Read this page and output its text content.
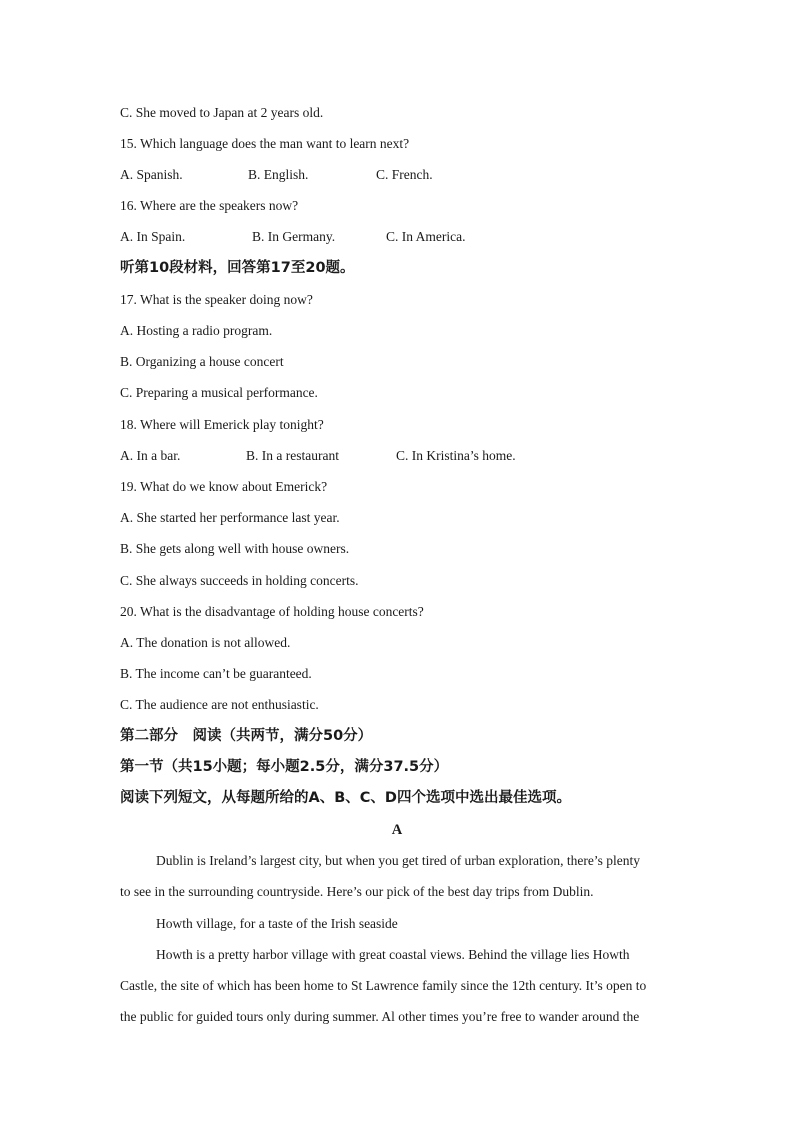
C. She moved to Japan at 2 years old.
15. Which language does the man want to learn next?
A. Spanish.	B. English.	C. French.
16. Where are the speakers now?
A. In Spain.	B. In Germany.	C. In America.
听第10段材料，回答第17至20题。
17. What is the speaker doing now?
A. Hosting a radio program.
B. Organizing a house concert
C. Preparing a musical performance.
18. Where will Emerick play tonight?
A. In a bar.	B. In a restaurant	C. In Kristina’s home.
19. What do we know about Emerick?
A. She started her performance last year.
B. She gets along well with house owners.
C. She always succeeds in holding concerts.
20. What is the disadvantage of holding house concerts?
A. The donation is not allowed.
B. The income can’t be guaranteed.
C. The audience are not enthusiastic.
第二部分　阅读（共两节，满分50分）
第一节（共15小题；每小题2.5分，满分37.5分）
阅读下列短文，从每题所给的A、B、C、D四个选项中选出最佳选项。
A
Dublin is Ireland’s largest city, but when you get tired of urban exploration, there’s plenty
to see in the surrounding countryside. Here’s our pick of the best day trips from Dublin.
Howth village, for a taste of the Irish seaside
Howth is a pretty harbor village with great coastal views. Behind the village lies Howth
Castle, the site of which has been home to St Lawrence family since the 12th century. It’s open to
the public for guided tours only during summer. Al other times you’re free to wander around the
